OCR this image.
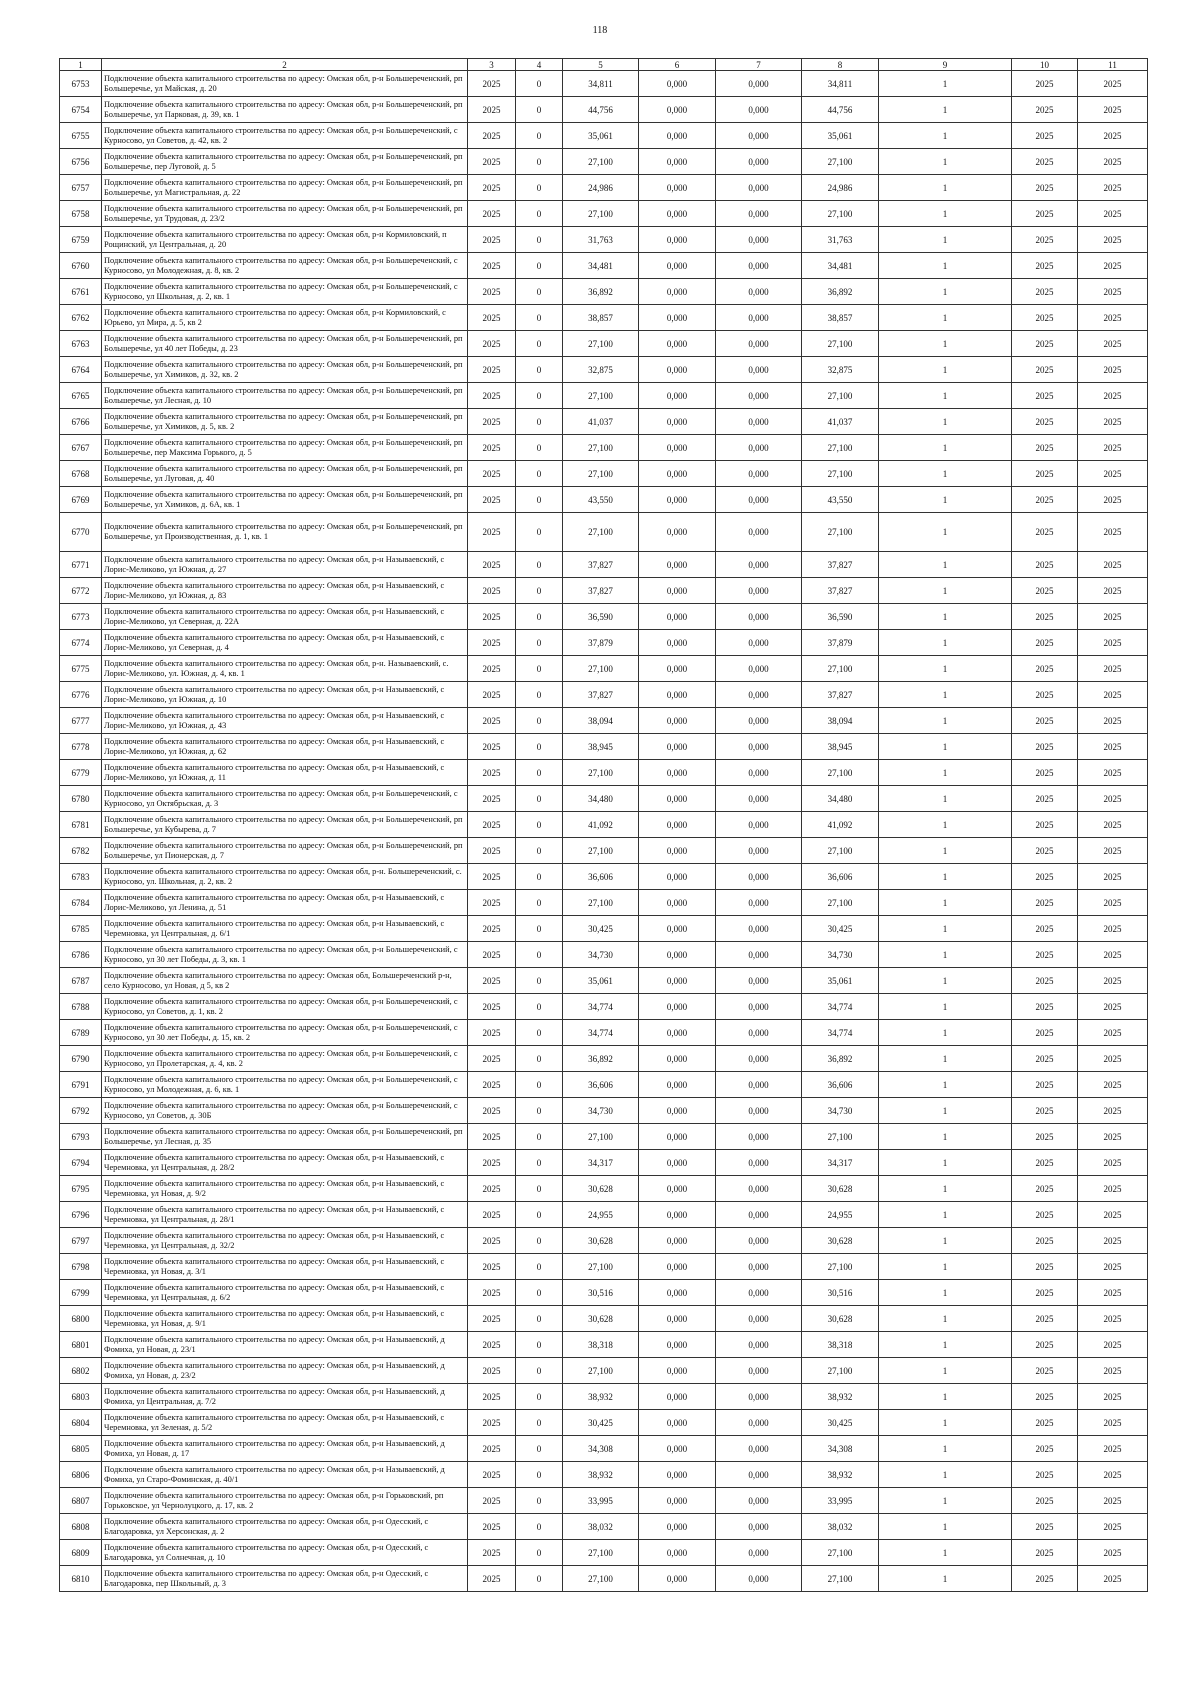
118
1	2	3	4	5	6	7	8	9	10	11
6753	Подключение объекта капитального строительства по адресу: Омская обл, р-н Большереченский, рп Большеречье, ул Майская, д. 20	2025	0	34,811	0,000	0,000	34,811	1	2025	2025
6754	Подключение объекта капитального строительства по адресу: Омская обл, р-н Большереченский, рп Большеречье, ул Парковая, д. 39, кв. 1	2025	0	44,756	0,000	0,000	44,756	1	2025	2025
6755	Подключение объекта капитального строительства по адресу: Омская обл, р-н Большереченский, с Курносово, ул Советов, д. 42, кв. 2	2025	0	35,061	0,000	0,000	35,061	1	2025	2025
6756	Подключение объекта капитального строительства по адресу: Омская обл, р-н Большереченский, рп Большеречье, пер Луговой, д. 5	2025	0	27,100	0,000	0,000	27,100	1	2025	2025
6757	Подключение объекта капитального строительства по адресу: Омская обл, р-н Большереченский, рп Большеречье, ул Магистральная, д. 22	2025	0	24,986	0,000	0,000	24,986	1	2025	2025
6758	Подключение объекта капитального строительства по адресу: Омская обл, р-н Большереченский, рп Большеречье, ул Трудовая, д. 23/2	2025	0	27,100	0,000	0,000	27,100	1	2025	2025
6759	Подключение объекта капитального строительства по адресу: Омская обл, р-н Кормиловский, п Рощинский, ул Центральная, д. 20	2025	0	31,763	0,000	0,000	31,763	1	2025	2025
6760	Подключение объекта капитального строительства по адресу: Омская обл, р-н Большереченский, с Курносово, ул Молодежная, д. 8, кв. 2	2025	0	34,481	0,000	0,000	34,481	1	2025	2025
6761	Подключение объекта капитального строительства по адресу: Омская обл, р-н Большереченский, с Курносово, ул Школьная, д. 2, кв. 1	2025	0	36,892	0,000	0,000	36,892	1	2025	2025
6762	Подключение объекта капитального строительства по адресу: Омская обл, р-н Кормиловский, с Юрьево, ул Мира, д. 5, кв 2	2025	0	38,857	0,000	0,000	38,857	1	2025	2025
6763	Подключение объекта капитального строительства по адресу: Омская обл, р-н Большереченский, рп Большеречье, ул 40 лет Победы, д. 23	2025	0	27,100	0,000	0,000	27,100	1	2025	2025
6764	Подключение объекта капитального строительства по адресу: Омская обл, р-н Большереченский, рп Большеречье, ул Химиков, д. 32, кв. 2	2025	0	32,875	0,000	0,000	32,875	1	2025	2025
6765	Подключение объекта капитального строительства по адресу: Омская обл, р-н Большереченский, рп Большеречье, ул Лесная, д. 10	2025	0	27,100	0,000	0,000	27,100	1	2025	2025
6766	Подключение объекта капитального строительства по адресу: Омская обл, р-н Большереченский, рп Большеречье, ул Химиков, д. 5, кв. 2	2025	0	41,037	0,000	0,000	41,037	1	2025	2025
6767	Подключение объекта капитального строительства по адресу: Омская обл, р-н Большереченский, рп Большеречье, пер Максима Горького, д. 5	2025	0	27,100	0,000	0,000	27,100	1	2025	2025
6768	Подключение объекта капитального строительства по адресу: Омская обл, р-н Большереченский, рп Большеречье, ул Луговая, д. 40	2025	0	27,100	0,000	0,000	27,100	1	2025	2025
6769	Подключение объекта капитального строительства по адресу: Омская обл, р-н Большереченский, рп Большеречье, ул Химиков, д. 6А, кв. 1	2025	0	43,550	0,000	0,000	43,550	1	2025	2025
6770	Подключение объекта капитального строительства по адресу: Омская обл, р-н Большереченский, рп Большеречье, ул Производственная, д. 1, кв. 1	2025	0	27,100	0,000	0,000	27,100	1	2025	2025
6771	Подключение объекта капитального строительства по адресу: Омская обл, р-н Называевский, с Лорис-Меликово, ул Южная, д. 27	2025	0	37,827	0,000	0,000	37,827	1	2025	2025
6772	Подключение объекта капитального строительства по адресу: Омская обл, р-н Называевский, с Лорис-Меликово, ул Южная, д. 83	2025	0	37,827	0,000	0,000	37,827	1	2025	2025
6773	Подключение объекта капитального строительства по адресу: Омская обл, р-н Называевский, с Лорис-Меликово, ул Северная, д. 22А	2025	0	36,590	0,000	0,000	36,590	1	2025	2025
6774	Подключение объекта капитального строительства по адресу: Омская обл, р-н Называевский, с Лорис-Меликово, ул Северная, д. 4	2025	0	37,879	0,000	0,000	37,879	1	2025	2025
6775	Подключение объекта капитального строительства по адресу: Омская обл, р-н. Называевский, с. Лорис-Меликово, ул. Южная, д. 4, кв. 1	2025	0	27,100	0,000	0,000	27,100	1	2025	2025
6776	Подключение объекта капитального строительства по адресу: Омская обл, р-н Называевский, с Лорис-Меликово, ул Южная, д. 10	2025	0	37,827	0,000	0,000	37,827	1	2025	2025
6777	Подключение объекта капитального строительства по адресу: Омская обл, р-н Называевский, с Лорис-Меликово, ул Южная, д. 43	2025	0	38,094	0,000	0,000	38,094	1	2025	2025
6778	Подключение объекта капитального строительства по адресу: Омская обл, р-н Называевский, с Лорис-Меликово, ул Южная, д. 62	2025	0	38,945	0,000	0,000	38,945	1	2025	2025
6779	Подключение объекта капитального строительства по адресу: Омская обл, р-н Называевский, с Лорис-Меликово, ул Южная, д. 11	2025	0	27,100	0,000	0,000	27,100	1	2025	2025
6780	Подключение объекта капитального строительства по адресу: Омская обл, р-н Большереченский, с Курносово, ул Октябрьская, д. 3	2025	0	34,480	0,000	0,000	34,480	1	2025	2025
6781	Подключение объекта капитального строительства по адресу: Омская обл, р-н Большереченский, рп Большеречье, ул Кубырева, д. 7	2025	0	41,092	0,000	0,000	41,092	1	2025	2025
6782	Подключение объекта капитального строительства по адресу: Омская обл, р-н Большереченский, рп Большеречье, ул Пионерская, д. 7	2025	0	27,100	0,000	0,000	27,100	1	2025	2025
6783	Подключение объекта капитального строительства по адресу: Омская обл, р-н. Большереченский, с. Курносово, ул. Школьная, д. 2, кв. 2	2025	0	36,606	0,000	0,000	36,606	1	2025	2025
6784	Подключение объекта капитального строительства по адресу: Омская обл, р-н Называевский, с Лорис-Меликово, ул Ленина, д. 51	2025	0	27,100	0,000	0,000	27,100	1	2025	2025
6785	Подключение объекта капитального строительства по адресу: Омская обл, р-н Называевский, с Черемновка, ул Центральная, д. 6/1	2025	0	30,425	0,000	0,000	30,425	1	2025	2025
6786	Подключение объекта капитального строительства по адресу: Омская обл, р-н Большереченский, с Курносово, ул 30 лет Победы, д. 3, кв. 1	2025	0	34,730	0,000	0,000	34,730	1	2025	2025
6787	Подключение объекта капитального строительства по адресу: Омская обл, Большереченский р-н, село Курносово, ул Новая, д 5, кв 2	2025	0	35,061	0,000	0,000	35,061	1	2025	2025
6788	Подключение объекта капитального строительства по адресу: Омская обл, р-н Большереченский, с Курносово, ул Советов, д. 1, кв. 2	2025	0	34,774	0,000	0,000	34,774	1	2025	2025
6789	Подключение объекта капитального строительства по адресу: Омская обл, р-н Большереченский, с Курносово, ул 30 лет Победы, д. 15, кв. 2	2025	0	34,774	0,000	0,000	34,774	1	2025	2025
6790	Подключение объекта капитального строительства по адресу: Омская обл, р-н Большереченский, с Курносово, ул Пролетарская, д. 4, кв. 2	2025	0	36,892	0,000	0,000	36,892	1	2025	2025
6791	Подключение объекта капитального строительства по адресу: Омская обл, р-н Большереченский, с Курносово, ул Молодежная, д. 6, кв. 1	2025	0	36,606	0,000	0,000	36,606	1	2025	2025
6792	Подключение объекта капитального строительства по адресу: Омская обл, р-н Большереченский, с Курносово, ул Советов, д. 30Б	2025	0	34,730	0,000	0,000	34,730	1	2025	2025
6793	Подключение объекта капитального строительства по адресу: Омская обл, р-н Большереченский, рп Большеречье, ул Лесная, д. 35	2025	0	27,100	0,000	0,000	27,100	1	2025	2025
6794	Подключение объекта капитального строительства по адресу: Омская обл, р-н Называевский, с Черемновка, ул Центральная, д. 28/2	2025	0	34,317	0,000	0,000	34,317	1	2025	2025
6795	Подключение объекта капитального строительства по адресу: Омская обл, р-н Называевский, с Черемновка, ул Новая, д. 9/2	2025	0	30,628	0,000	0,000	30,628	1	2025	2025
6796	Подключение объекта капитального строительства по адресу: Омская обл, р-н Называевский, с Черемновка, ул Центральная, д. 28/1	2025	0	24,955	0,000	0,000	24,955	1	2025	2025
6797	Подключение объекта капитального строительства по адресу: Омская обл, р-н Называевский, с Черемновка, ул Центральная, д. 32/2	2025	0	30,628	0,000	0,000	30,628	1	2025	2025
6798	Подключение объекта капитального строительства по адресу: Омская обл, р-н Называевский, с Черемновка, ул Новая, д. 3/1	2025	0	27,100	0,000	0,000	27,100	1	2025	2025
6799	Подключение объекта капитального строительства по адресу: Омская обл, р-н Называевский, с Черемновка, ул Центральная, д. 6/2	2025	0	30,516	0,000	0,000	30,516	1	2025	2025
6800	Подключение объекта капитального строительства по адресу: Омская обл, р-н Называевский, с Черемновка, ул Новая, д. 9/1	2025	0	30,628	0,000	0,000	30,628	1	2025	2025
6801	Подключение объекта капитального строительства по адресу: Омская обл, р-н Называевский, д Фомиха, ул Новая, д. 23/1	2025	0	38,318	0,000	0,000	38,318	1	2025	2025
6802	Подключение объекта капитального строительства по адресу: Омская обл, р-н Называевский, д Фомиха, ул Новая, д. 23/2	2025	0	27,100	0,000	0,000	27,100	1	2025	2025
6803	Подключение объекта капитального строительства по адресу: Омская обл, р-н Называевский, д Фомиха, ул Центральная, д. 7/2	2025	0	38,932	0,000	0,000	38,932	1	2025	2025
6804	Подключение объекта капитального строительства по адресу: Омская обл, р-н Называевский, с Черемновка, ул Зеленая, д. 5/2	2025	0	30,425	0,000	0,000	30,425	1	2025	2025
6805	Подключение объекта капитального строительства по адресу: Омская обл, р-н Называевский, д Фомиха, ул Новая, д. 17	2025	0	34,308	0,000	0,000	34,308	1	2025	2025
6806	Подключение объекта капитального строительства по адресу: Омская обл, р-н Называевский, д Фомиха, ул Старо-Фоминская, д. 40/1	2025	0	38,932	0,000	0,000	38,932	1	2025	2025
6807	Подключение объекта капитального строительства по адресу: Омская обл, р-н Горьковский, рп Горьковское, ул Чернолуцкого, д. 17, кв. 2	2025	0	33,995	0,000	0,000	33,995	1	2025	2025
6808	Подключение объекта капитального строительства по адресу: Омская обл, р-н Одесский, с Благодаровка, ул Херсонская, д. 2	2025	0	38,032	0,000	0,000	38,032	1	2025	2025
6809	Подключение объекта капитального строительства по адресу: Омская обл, р-н Одесский, с Благодаровка, ул Солнечная, д. 10	2025	0	27,100	0,000	0,000	27,100	1	2025	2025
6810	Подключение объекта капитального строительства по адресу: Омская обл, р-н Одесский, с Благодаровка, пер Школьный, д. 3	2025	0	27,100	0,000	0,000	27,100	1	2025	2025
